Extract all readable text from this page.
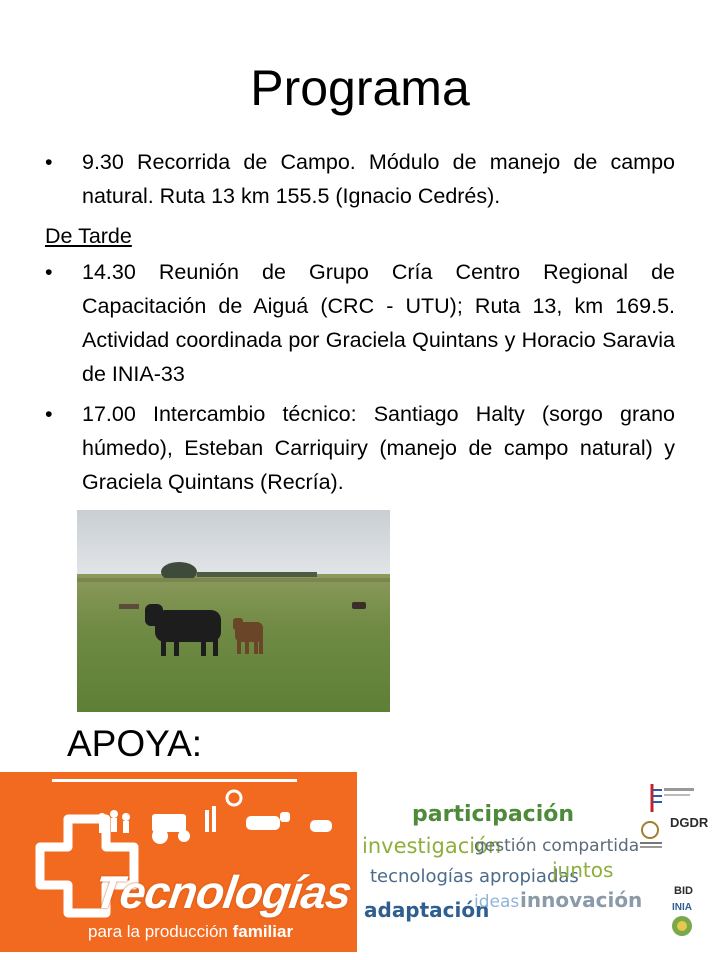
Programa
• 9.30 Recorrida de Campo. Módulo de manejo de campo natural. Ruta 13 km 155.5 (Ignacio Cedrés).
De Tarde
• 14.30 Reunión de Grupo Cría Centro Regional de Capacitación de Aiguá (CRC - UTU); Ruta 13, km 169.5. Actividad coordinada por Graciela Quintans y Horacio Saravia de INIA-33
• 17.00 Intercambio técnico: Santiago Halty (sorgo grano húmedo), Esteban Carriquiry (manejo de campo natural) y Graciela Quintans (Recría).
APOYA:
Tecnologías
para la producción familiar
participación
investigación
gestión compartida
tecnologías apropiadas
juntos
adaptación
ideas innovación
DGDR
BID
INIA
